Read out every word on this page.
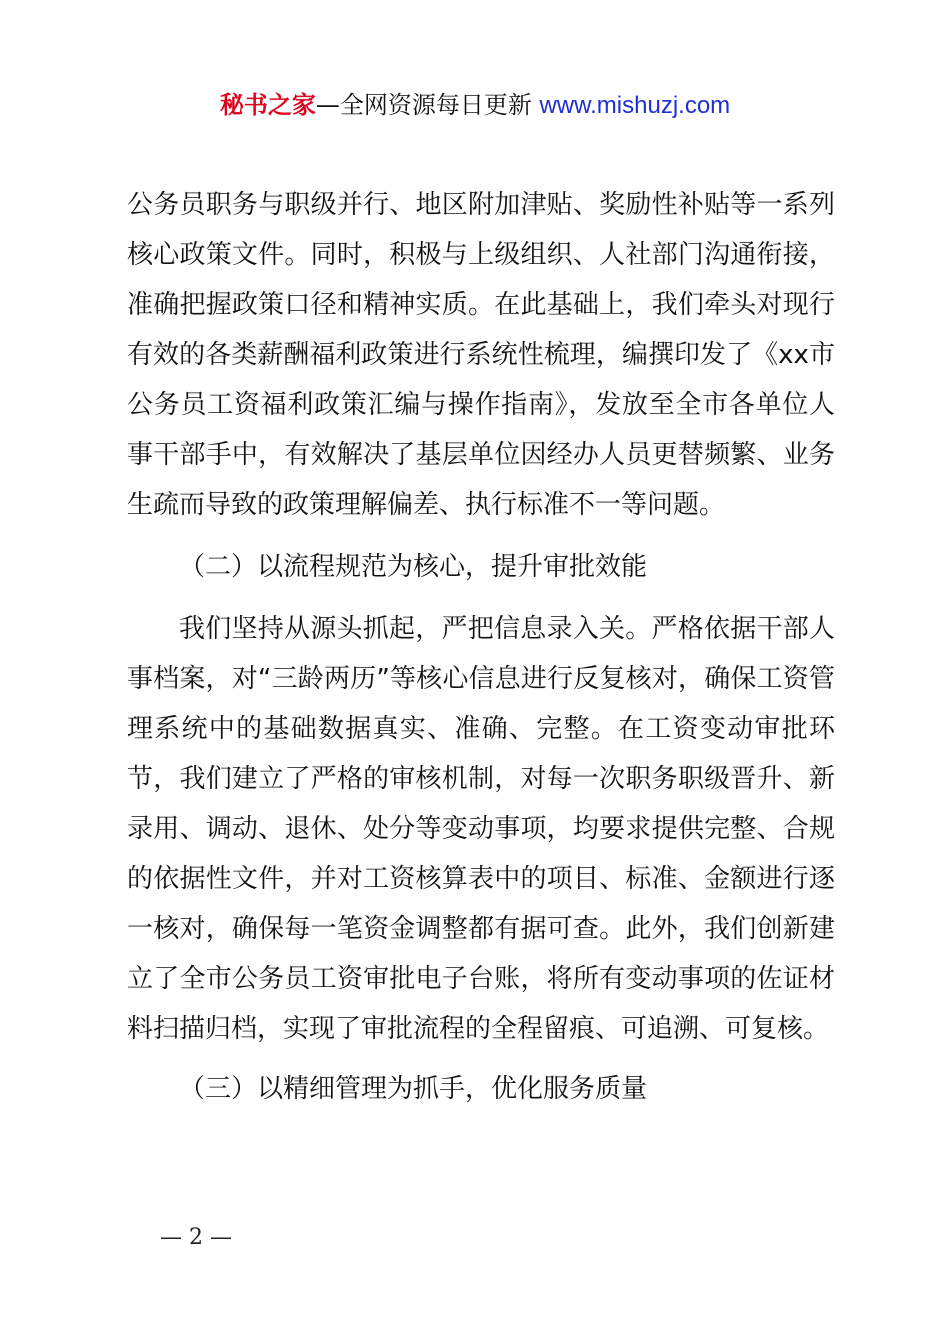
秘书之家—全网资源每日更新 www.mishuzj.com

公务员职务与职级并行、地区附加津贴、奖励性补贴等一系列核心政策文件。同时，积极与上级组织、人社部门沟通衔接，准确把握政策口径和精神实质。在此基础上，我们牵头对现行有效的各类薪酬福利政策进行系统性梳理，编撰印发了《xx市公务员工资福利政策汇编与操作指南》，发放至全市各单位人事干部手中，有效解决了基层单位因经办人员更替频繁、业务生疏而导致的政策理解偏差、执行标准不一等问题。

（二）以流程规范为核心，提升审批效能

我们坚持从源头抓起，严把信息录入关。严格依据干部人事档案，对“三龄两历”等核心信息进行反复核对，确保工资管理系统中的基础数据真实、准确、完整。在工资变动审批环节，我们建立了严格的审核机制，对每一次职务职级晋升、新录用、调动、退休、处分等变动事项，均要求提供完整、合规的依据性文件，并对工资核算表中的项目、标准、金额进行逐一核对，确保每一笔资金调整都有据可查。此外，我们创新建立了全市公务员工资审批电子台账，将所有变动事项的佐证材料扫描归档，实现了审批流程的全程留痕、可追溯、可复核。

（三）以精细管理为抓手，优化服务质量

— 2 —
